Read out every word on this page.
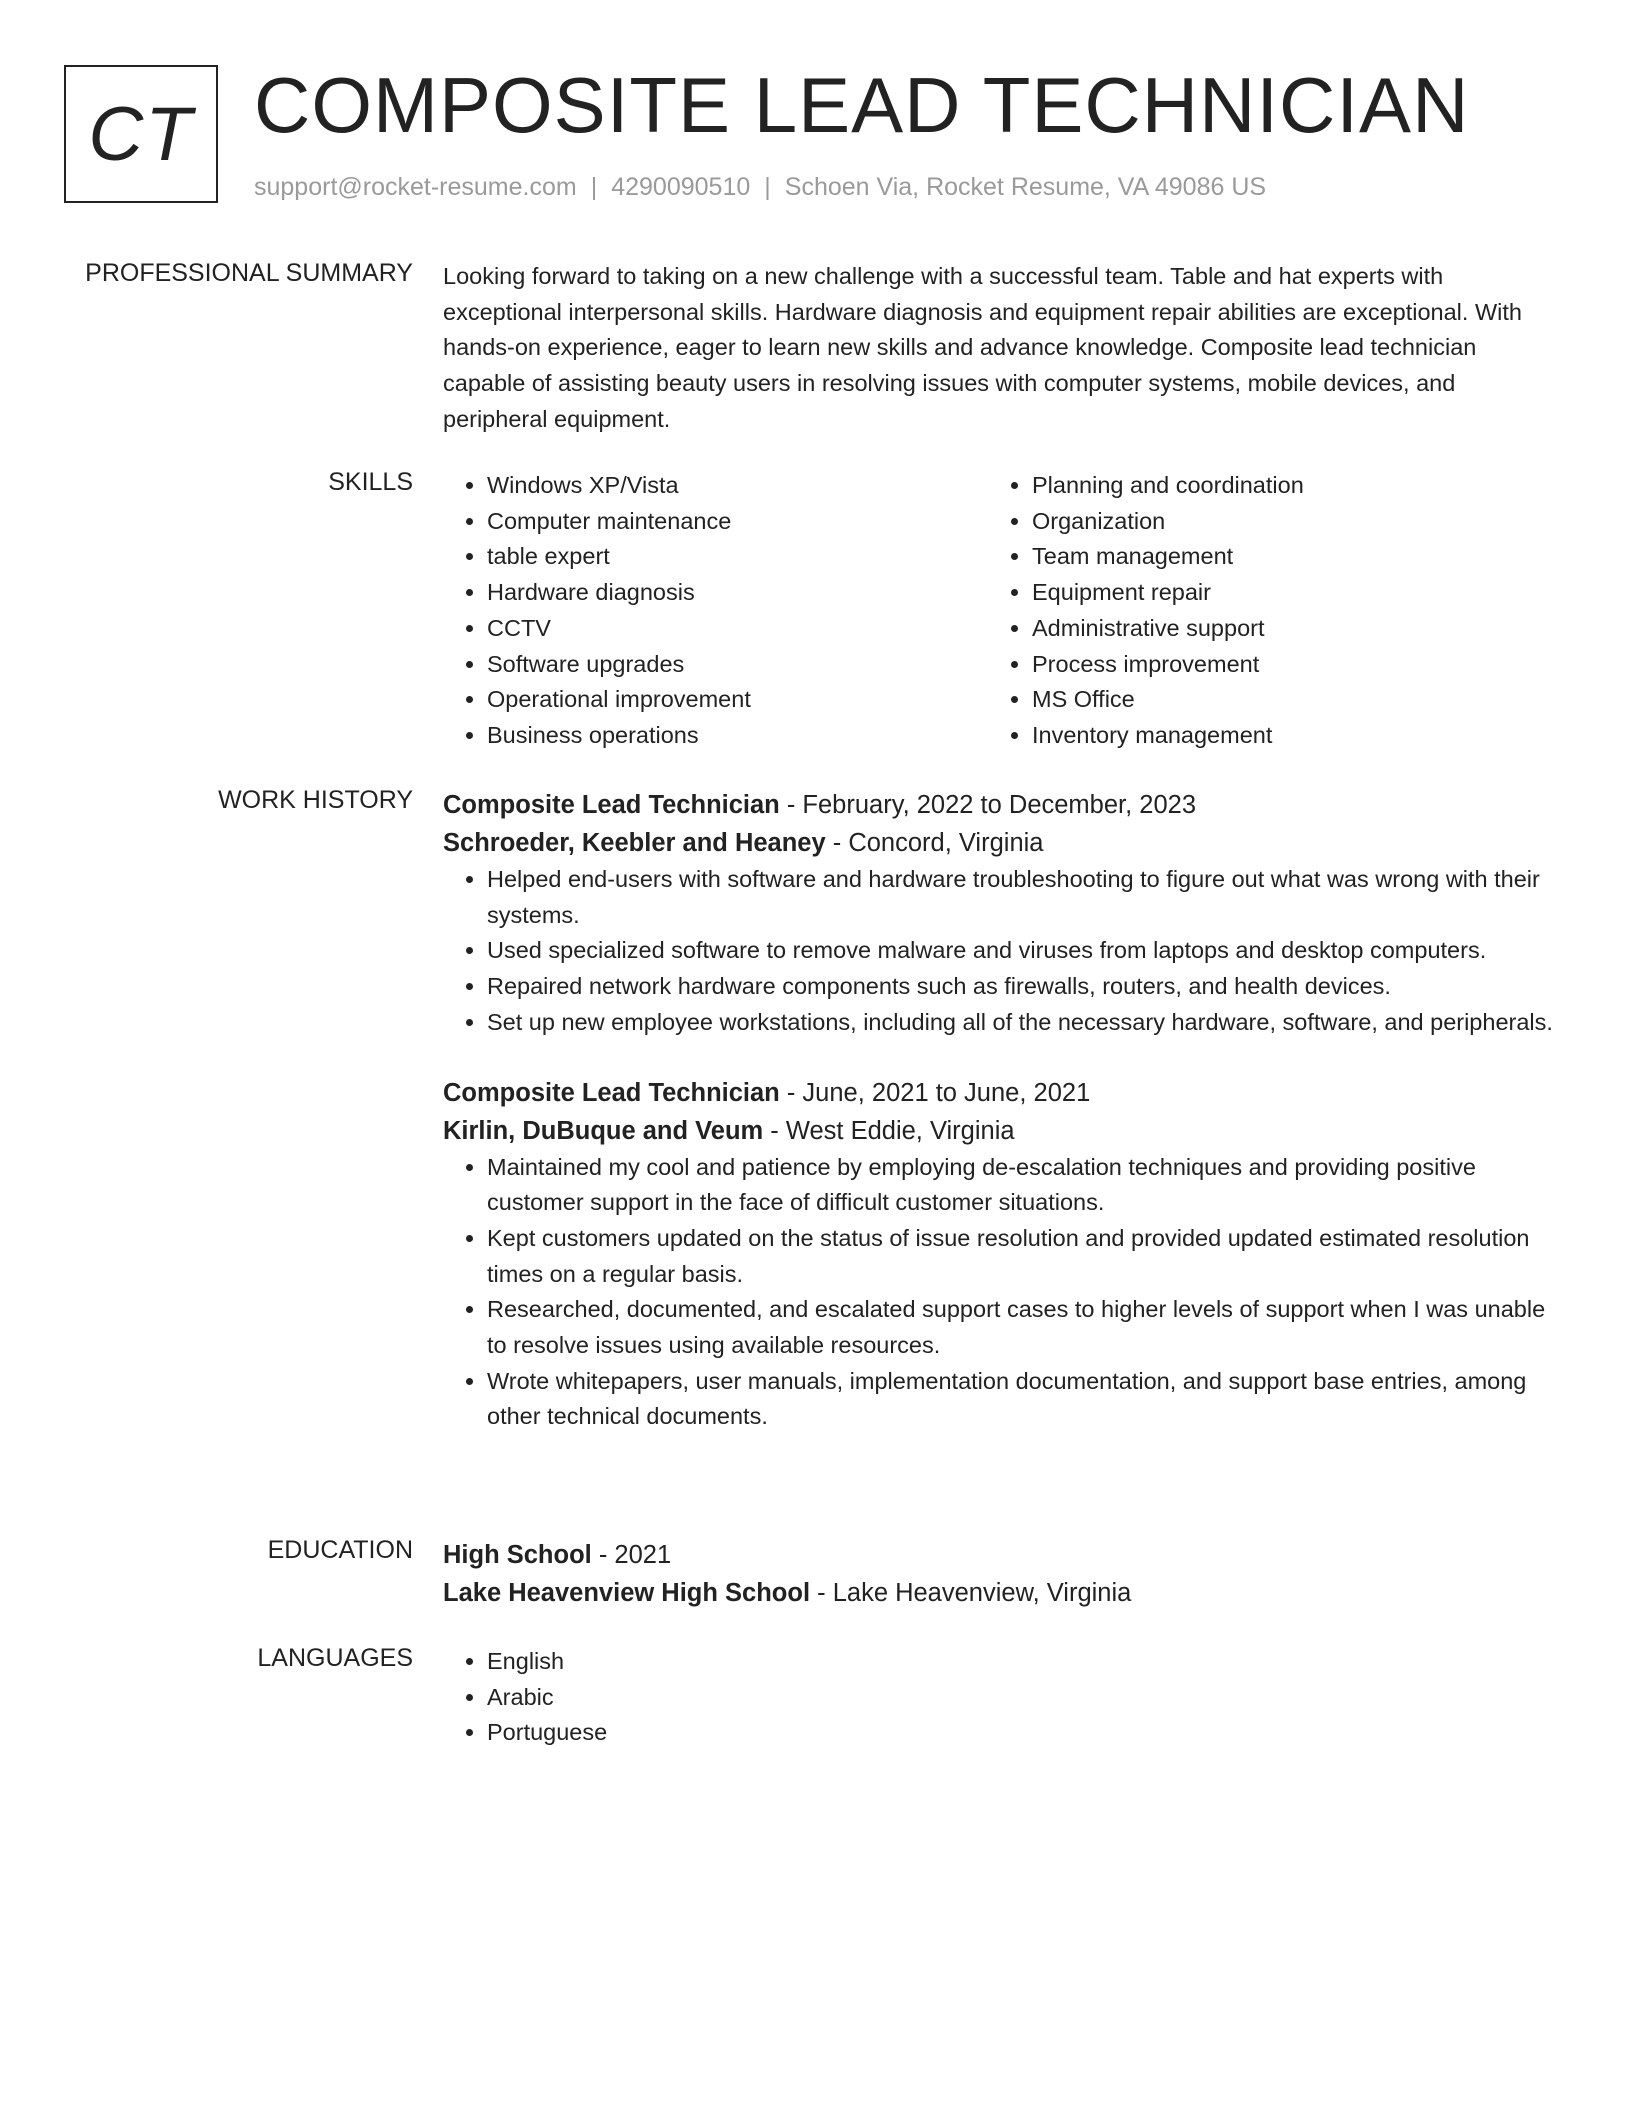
CT COMPOSITE LEAD TECHNICIAN
support@rocket-resume.com | 4290090510 | Schoen Via, Rocket Resume, VA 49086 US
PROFESSIONAL SUMMARY Looking forward to taking on a new challenge with a successful team. Table and hat experts with exceptional interpersonal skills. Hardware diagnosis and equipment repair abilities are exceptional. With hands-on experience, eager to learn new skills and advance knowledge. Composite lead technician capable of assisting beauty users in resolving issues with computer systems, mobile devices, and peripheral equipment.
SKILLS	• Windows XP/Vista
• Computer maintenance
• table expert
• Hardware diagnosis
• CCTV
• Software upgrades
• Operational improvement
• Business operations
• Planning and coordination
• Organization
• Team management
• Equipment repair
• Administrative support
• Process improvement
• MS Office
• Inventory management
WORK HISTORY Composite Lead Technician - February, 2022 to December, 2023
Schroeder, Keebler and Heaney - Concord, Virginia
• Helped end-users with software and hardware troubleshooting to figure out what was wrong with their systems.
• Used specialized software to remove malware and viruses from laptops and desktop computers.
• Repaired network hardware components such as firewalls, routers, and health devices.
• Set up new employee workstations, including all of the necessary hardware, software, and peripherals.
Composite Lead Technician - June, 2021 to June, 2021
Kirlin, DuBuque and Veum - West Eddie, Virginia
• Maintained my cool and patience by employing de-escalation techniques and providing positive customer support in the face of difficult customer situations.
• Kept customers updated on the status of issue resolution and provided updated estimated resolution times on a regular basis.
• Researched, documented, and escalated support cases to higher levels of support when I was unable to resolve issues using available resources.
• Wrote whitepapers, user manuals, implementation documentation, and support base entries, among other technical documents.
EDUCATION High School - 2021
Lake Heavenview High School - Lake Heavenview, Virginia
LANGUAGES	• English
• Arabic
• Portuguese
